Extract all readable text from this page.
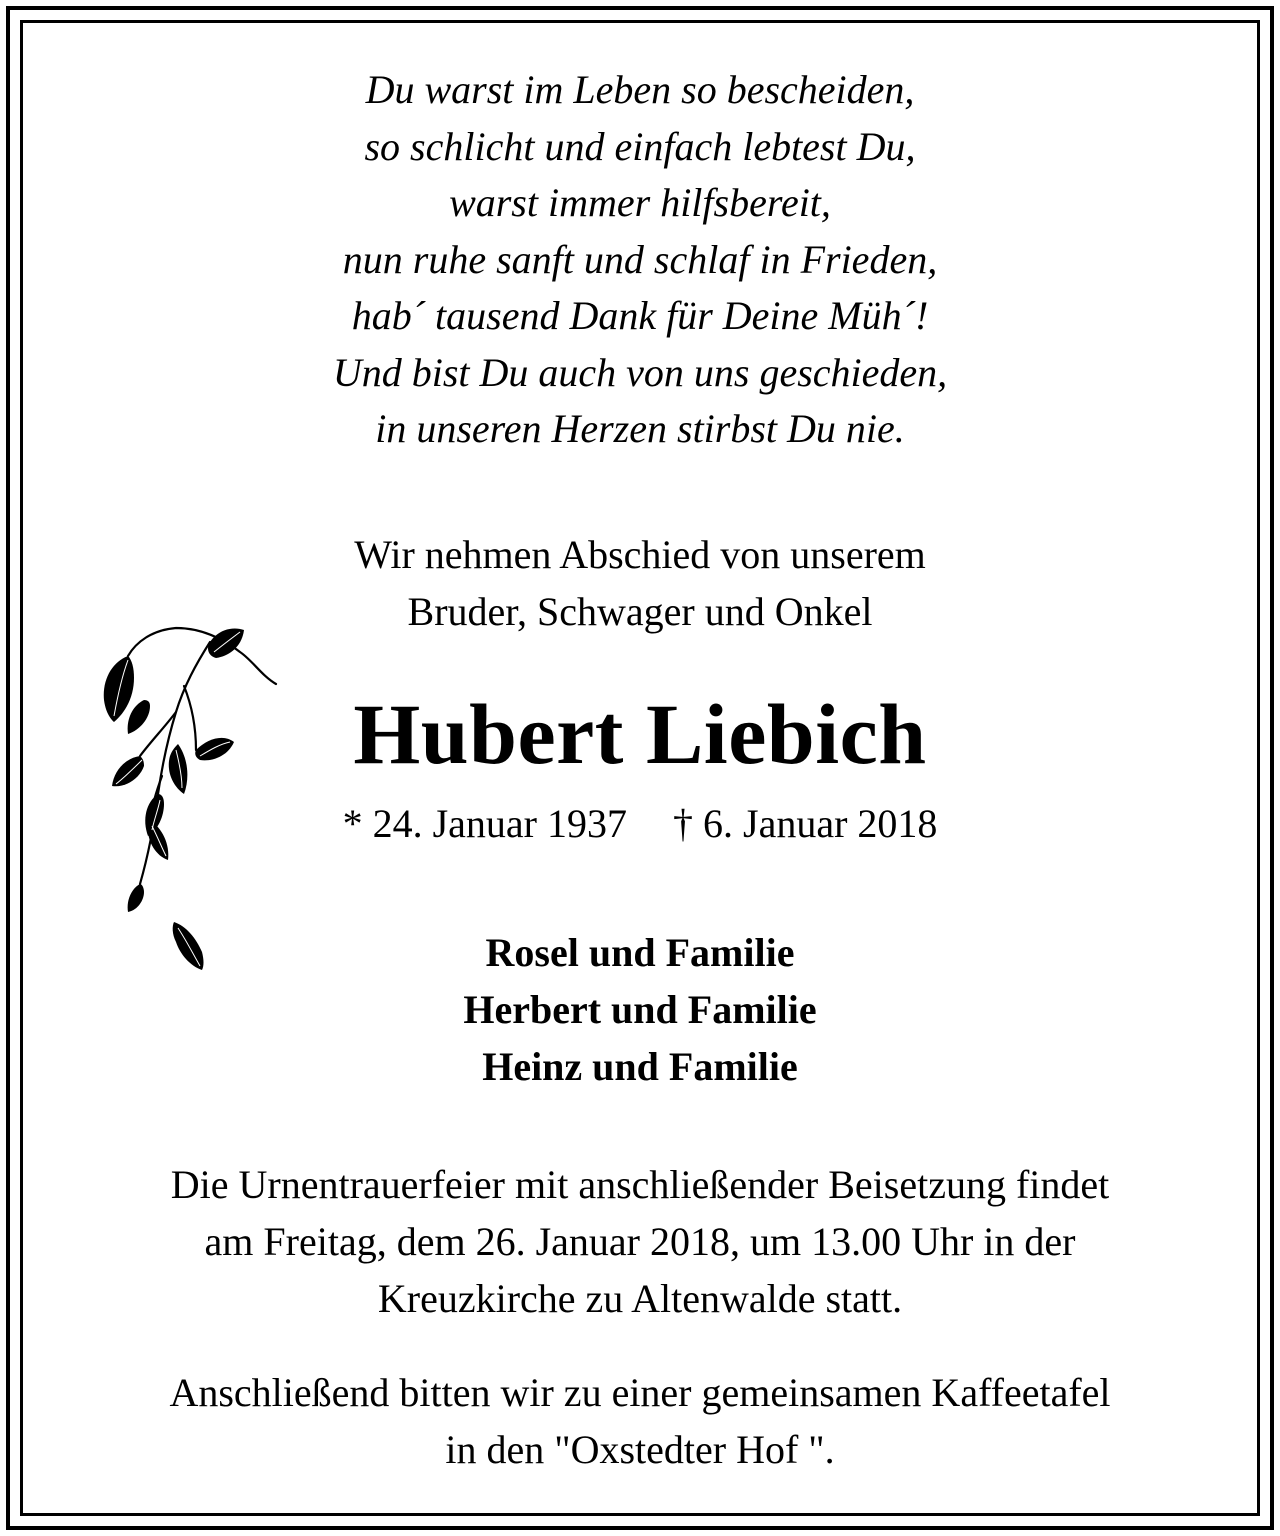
Du warst im Leben so bescheiden,
so schlicht und einfach lebtest Du,
warst immer hilfsbereit,
nun ruhe sanft und schlaf in Frieden,
hab´ tausend Dank für Deine Müh´!
Und bist Du auch von uns geschieden,
in unseren Herzen stirbst Du nie.
Wir nehmen Abschied von unserem
Bruder, Schwager und Onkel
Hubert Liebich
* 24. Januar 1937 † 6. Januar 2018
Rosel und Familie
Herbert und Familie
Heinz und Familie
Die Urnentrauerfeier mit anschließender Beisetzung findet
am Freitag, dem 26. Januar 2018, um 13.00 Uhr in der
Kreuzkirche zu Altenwalde statt.
Anschließend bitten wir zu einer gemeinsamen Kaffeetafel
in den "Oxstedter Hof ".
